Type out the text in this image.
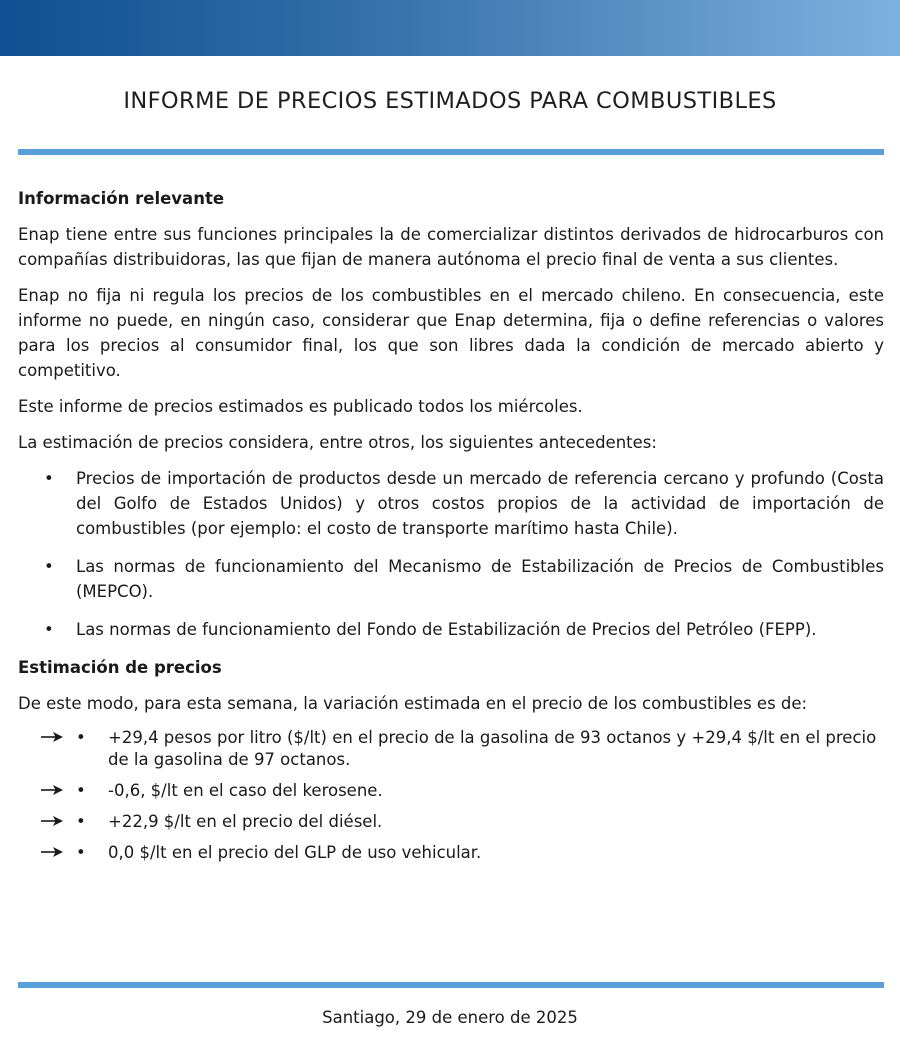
INFORME DE PRECIOS ESTIMADOS PARA COMBUSTIBLES
Información relevante

Enap tiene entre sus funciones principales la de comercializar distintos derivados de hidrocarburos con compañías distribuidoras, las que fijan de manera autónoma el precio final de venta a sus clientes.

Enap no fija ni regula los precios de los combustibles en el mercado chileno. En consecuencia, este informe no puede, en ningún caso, considerar que Enap determina, fija o define referencias o valores para los precios al consumidor final, los que son libres dada la condición de mercado abierto y competitivo.

Este informe de precios estimados es publicado todos los miércoles.

La estimación de precios considera, entre otros, los siguientes antecedentes:

• Precios de importación de productos desde un mercado de referencia cercano y profundo (Costa del Golfo de Estados Unidos) y otros costos propios de la actividad de importación de combustibles (por ejemplo: el costo de transporte marítimo hasta Chile).
• Las normas de funcionamiento del Mecanismo de Estabilización de Precios de Combustibles (MEPCO).
• Las normas de funcionamiento del Fondo de Estabilización de Precios del Petróleo (FEPP).
Estimación de precios

De este modo, para esta semana, la variación estimada en el precio de los combustibles es de:

• +29,4 pesos por litro ($/lt) en el precio de la gasolina de 93 octanos y +29,4 $/lt en el precio de la gasolina de 97 octanos.
• -0,6, $/lt en el caso del kerosene.
• +22,9 $/lt en el precio del diésel.
• 0,0 $/lt en el precio del GLP de uso vehicular.
Santiago, 29 de enero de 2025
